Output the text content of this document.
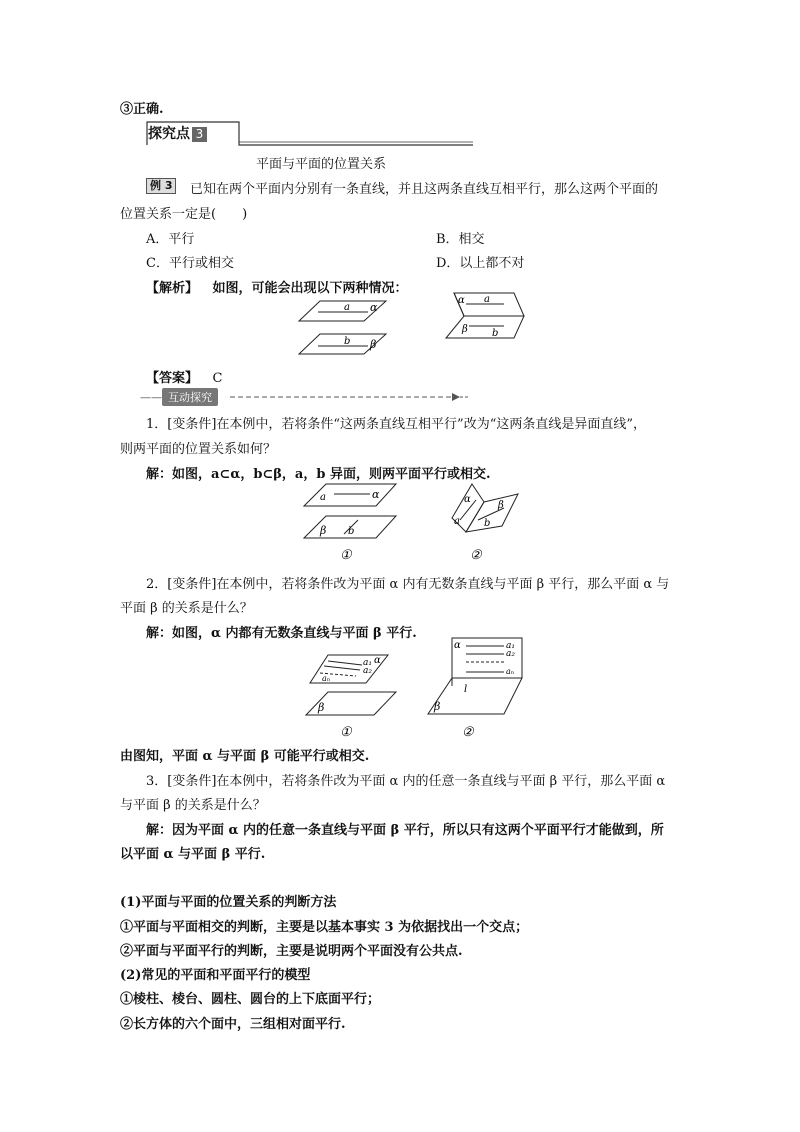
③正确.
探究点 3
平面与平面的位置关系
例 3	已知在两个平面内分别有一条直线，并且这两条直线互相平行，那么这两个平面的
位置关系一定是(　　)
A．平行	B．相交
C．平行或相交	D．以上都不对
【解析】 如图，可能会出现以下两种情况：
a α
b β
α a
β b
【答案】 C
—— 互动探究
1．[变条件]在本例中，若将条件“这两条直线互相平行”改为“这两条直线是异面直线”，
则两平面的位置关系如何？
解：如图，a⊂α，b⊂β，a，b 异面，则两平面平行或相交.
a	α
β b
①
α
a
β
b
②
2．[变条件]在本例中，若将条件改为平面 α 内有无数条直线与平面 β 平行，那么平面 α 与
平面 β 的关系是什么？
解：如图，α 内都有无数条直线与平面 β 平行.
a₁
a₂
α
aₙ
β
①
α	a₁
a₂
aₙ
l
β
②
由图知，平面 α 与平面 β 可能平行或相交.
3．[变条件]在本例中，若将条件改为平面 α 内的任意一条直线与平面 β 平行，那么平面 α
与平面 β 的关系是什么？
解：因为平面 α 内的任意一条直线与平面 β 平行，所以只有这两个平面平行才能做到，所
以平面 α 与平面 β 平行.
(1)平面与平面的位置关系的判断方法
①平面与平面相交的判断，主要是以基本事实 3 为依据找出一个交点；
②平面与平面平行的判断，主要是说明两个平面没有公共点.
(2)常见的平面和平面平行的模型
①棱柱、棱台、圆柱、圆台的上下底面平行；
②长方体的六个面中，三组相对面平行.
